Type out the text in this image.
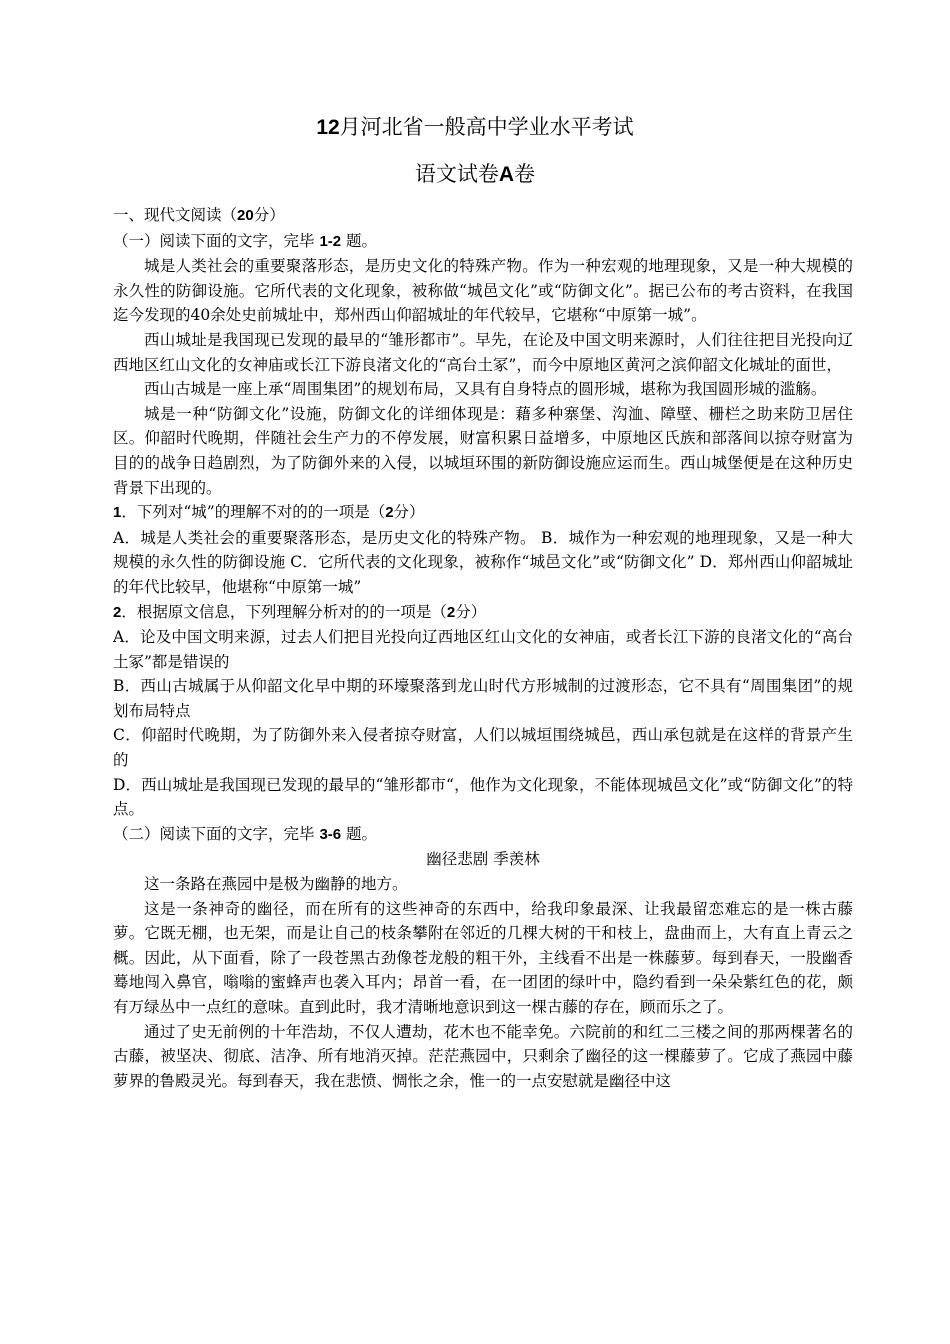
12月河北省一般高中学业水平考试
语文试卷A卷

一、现代文阅读（20分）

（一）阅读下面的文字，完毕 1-2 题。

城是人类社会的重要聚落形态，是历史文化的特殊产物。作为一种宏观的地理现象，又是一种大规模的永久性的防御设施。它所代表的文化现象，被称做“城邑文化”或“防御文化”。据已公布的考古资料，在我国迄今发现的40余处史前城址中，郑州西山仰韶城址的年代较早，它堪称“中原第一城”。

西山城址是我国现已发现的最早的“雏形都市”。早先，在论及中国文明来源时，人们往往把目光投向辽西地区红山文化的女神庙或长江下游良渚文化的“高台土冢”，而今中原地区黄河之滨仰韶文化城址的面世，

西山古城是一座上承“周围集团”的规划布局，又具有自身特点的圆形城，堪称为我国圆形城的滥觞。

城是一种“防御文化”设施，防御文化的详细体现是：藉多种寨堡、沟洫、障壁、栅栏之助来防卫居住区。仰韶时代晚期，伴随社会生产力的不停发展，财富积累日益增多，中原地区氏族和部落间以掠夺财富为目的的战争日趋剧烈，为了防御外来的入侵，以城垣环围的新防御设施应运而生。西山城堡便是在这种历史背景下出现的。

1．下列对“城”的理解不对的的一项是（2分）

A．城是人类社会的重要聚落形态，是历史文化的特殊产物。 B．城作为一种宏观的地理现象，又是一种大规模的永久性的防御设施 C．它所代表的文化现象，被称作“城邑文化”或“防御文化” D．郑州西山仰韶城址的年代比较早，他堪称“中原第一城”

2．根据原文信息，下列理解分析对的的一项是（2分）

A．论及中国文明来源，过去人们把目光投向辽西地区红山文化的女神庙，或者长江下游的良渚文化的“高台土冢”都是错误的

B．西山古城属于从仰韶文化早中期的环壕聚落到龙山时代方形城制的过渡形态，它不具有“周围集团”的规划布局特点

C．仰韶时代晚期，为了防御外来入侵者掠夺财富，人们以城垣围绕城邑，西山承包就是在这样的背景产生的

D．西山城址是我国现已发现的最早的“雏形都市“，他作为文化现象，不能体现城邑文化”或“防御文化”的特点。

（二）阅读下面的文字，完毕 3-6 题。

幽径悲剧 季羡林

这一条路在燕园中是极为幽静的地方。

这是一条神奇的幽径，而在所有的这些神奇的东西中，给我印象最深、让我最留恋难忘的是一株古藤萝。它既无棚，也无架，而是让自己的枝条攀附在邻近的几棵大树的干和枝上，盘曲而上，大有直上青云之概。因此，从下面看，除了一段苍黑古劲像苍龙般的粗干外，主线看不出是一株藤萝。每到春天，一股幽香蓦地闯入鼻官，嗡嗡的蜜蜂声也袭入耳内；昂首一看，在一团团的绿叶中，隐约看到一朵朵紫红色的花，颇有万绿丛中一点红的意味。直到此时，我才清晰地意识到这一棵古藤的存在，顾而乐之了。

通过了史无前例的十年浩劫，不仅人遭劫，花木也不能幸免。六院前的和红二三楼之间的那两棵著名的古藤，被坚决、彻底、洁净、所有地消灭掉。茫茫燕园中，只剩余了幽径的这一棵藤萝了。它成了燕园中藤萝界的鲁殿灵光。每到春天，我在悲愤、惆怅之余，惟一的一点安慰就是幽径中这
